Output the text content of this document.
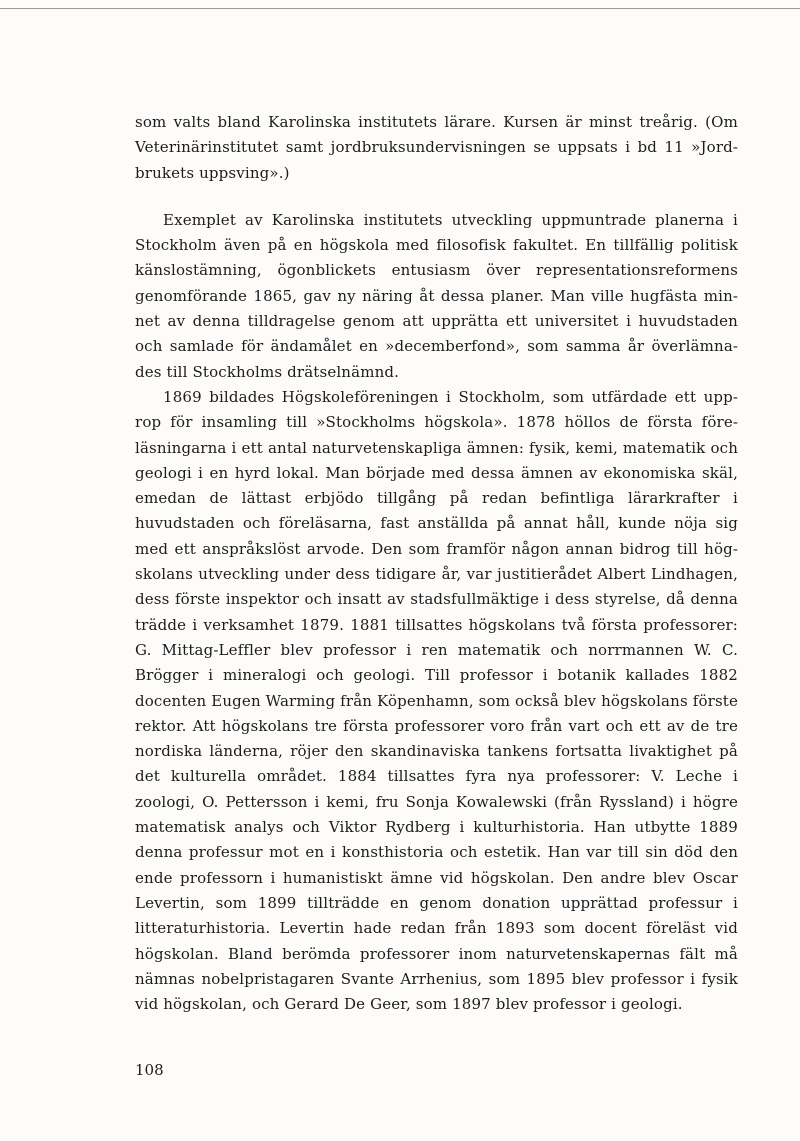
som valts bland Karolinska institutets lärare. Kursen är minst treårig. (Om Veterinärinstitutet samt jordbruksundervisningen se uppsats i bd 11 »Jordbrukets uppsving».)

Exemplet av Karolinska institutets utveckling uppmuntrade planerna i Stockholm även på en högskola med filosofisk fakultet. En tillfällig politisk känslostämning, ögonblickets entusiasm över representationsreformens genomförande 1865, gav ny näring åt dessa planer. Man ville hugfästa minnet av denna tilldragelse genom att upprätta ett universitet i huvudstaden och samlade för ändamålet en »decemberfond», som samma år överlämnades till Stockholms drätselnämnd.

1869 bildades Högskoleföreningen i Stockholm, som utfärdade ett upprop för insamling till »Stockholms högskola». 1878 höllos de första föreläsningarna i ett antal naturvetenskapliga ämnen: fysik, kemi, matematik och geologi i en hyrd lokal. Man började med dessa ämnen av ekonomiska skäl, emedan de lättast erbjödo tillgång på redan befintliga lärarkrafter i huvudstaden och föreläsarna, fast anställda på annat håll, kunde nöja sig med ett anspråkslöst arvode. Den som framför någon annan bidrog till högskolans utveckling under dess tidigare år, var justitierådet Albert Lindhagen, dess förste inspektor och insatt av stadsfullmäktige i dess styrelse, då denna trädde i verksamhet 1879. 1881 tillsattes högskolans två första professorer: G. Mittag-Leffler blev professor i ren matematik och norrmannen W. C. Brögger i mineralogi och geologi. Till professor i botanik kallades 1882 docenten Eugen Warming från Köpenhamn, som också blev högskolans förste rektor. Att högskolans tre första professorer voro från vart och ett av de tre nordiska länderna, röjer den skandinaviska tankens fortsatta livaktighet på det kulturella området. 1884 tillsattes fyra nya professorer: V. Leche i zoologi, O. Pettersson i kemi, fru Sonja Kowalewski (från Ryssland) i högre matematisk analys och Viktor Rydberg i kulturhistoria. Han utbytte 1889 denna professur mot en i konsthistoria och estetik. Han var till sin död den ende professorn i humanistiskt ämne vid högskolan. Den andre blev Oscar Levertin, som 1899 tillträdde en genom donation upprättad professur i litteraturhistoria. Levertin hade redan från 1893 som docent föreläst vid högskolan. Bland berömda professorer inom naturvetenskapernas fält må nämnas nobelpristagaren Svante Arrhenius, som 1895 blev professor i fysik vid högskolan, och Gerard De Geer, som 1897 blev professor i geologi.

108
